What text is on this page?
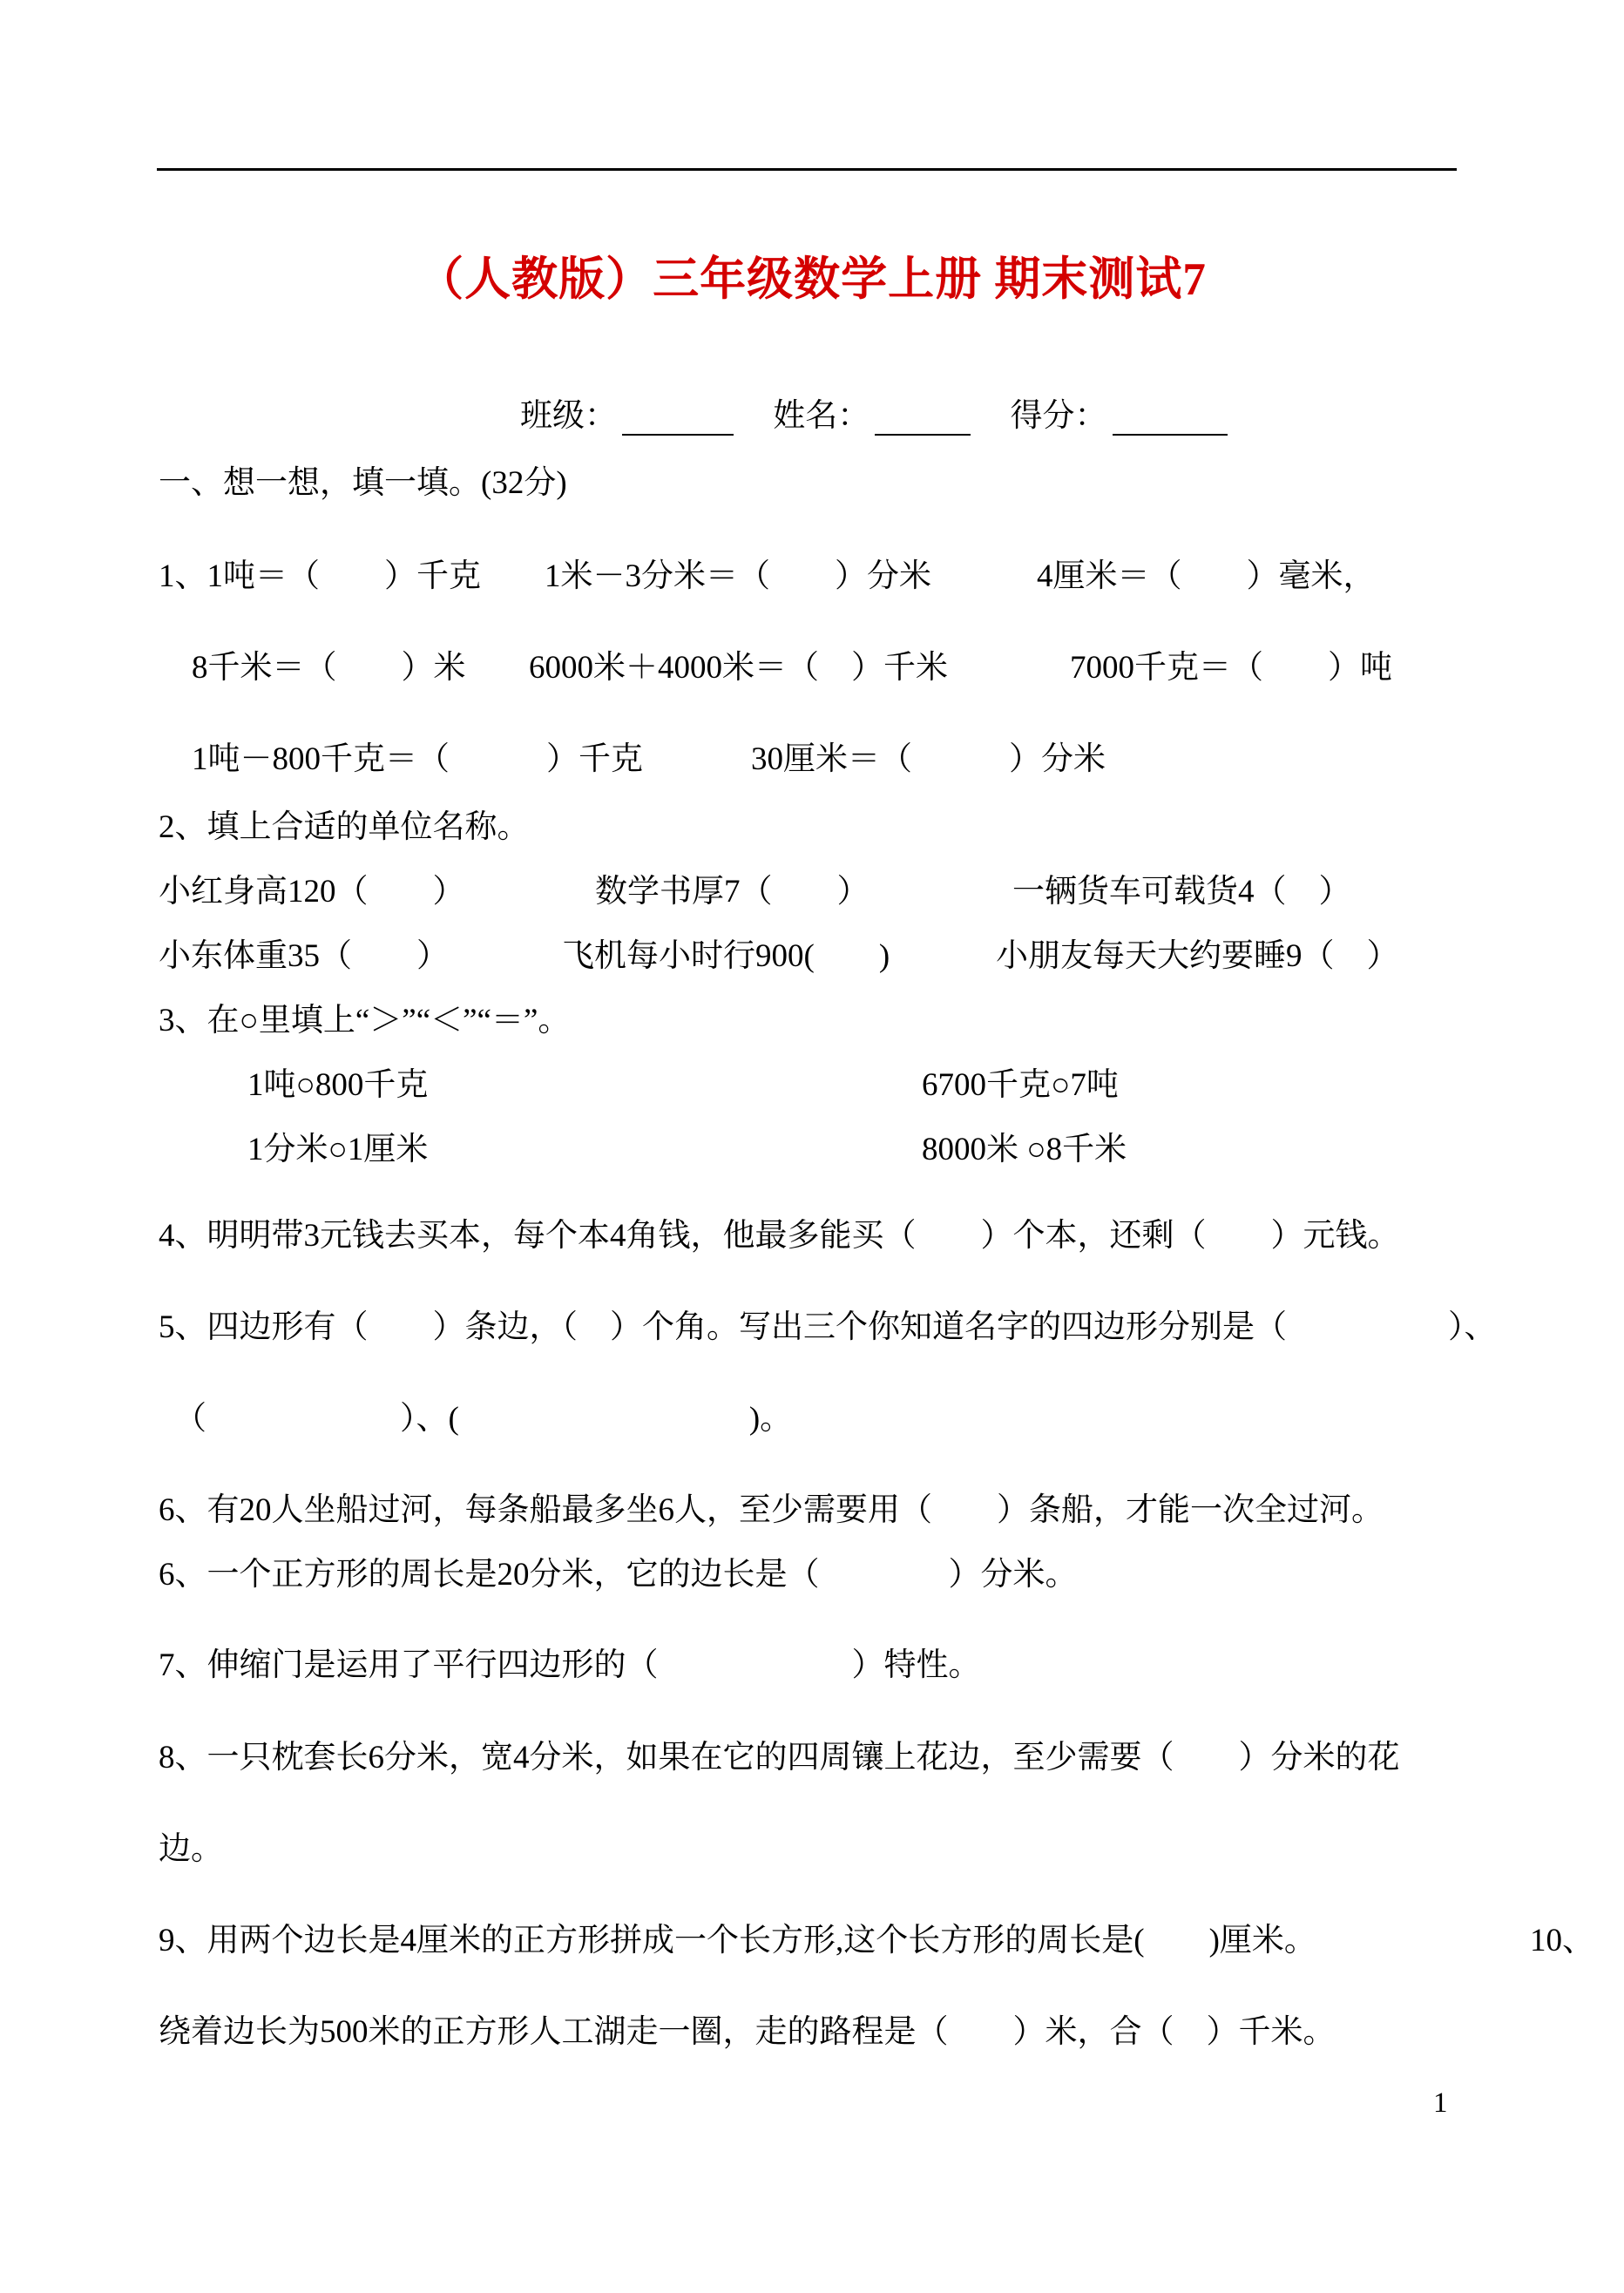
（人教版）三年级数学上册 期末测试7
班级：	姓名：	得分：
一、想一想，填一填。(32分)
1、1吨＝（　　）千克 1米－3分米＝（　　）分米	4厘米＝（　　）毫米，
8千米＝（　　）米 6000米＋4000米＝（　）千米	7000千克＝（　　）吨
1吨－800千克＝（　　　）千克	30厘米＝（　　　）分米
2、填上合适的单位名称。
小红身高120（　　）	数学书厚7（　　）	一辆货车可载货4（　）
小东体重35（　　）	飞机每小时行900(　　)	小朋友每天大约要睡9（　）
3、在○里填上“＞”“＜”“＝”。
1吨○800千克	6700千克○7吨
1分米○1厘米	8000米 ○8千米
4、明明带3元钱去买本，每个本4角钱，他最多能买（　　）个本，还剩（　　）元钱。
5、四边形有（　　）条边，（　）个角。写出三个你知道名字的四边形分别是（　　　　　）、
（　　　　　　）、(　　　　　　　　　)。
6、有20人坐船过河，每条船最多坐6人，至少需要用（　　）条船，才能一次全过河。
6、一个正方形的周长是20分米，它的边长是（　　　　）分米。
7、伸缩门是运用了平行四边形的（　　　　　　）特性。
8、一只枕套长6分米，宽4分米，如果在它的四周镶上花边，至少需要（　　）分米的花
边。
9、用两个边长是4厘米的正方形拼成一个长方形,这个长方形的周长是(　　)厘米。	10、
绕着边长为500米的正方形人工湖走一圈，走的路程是（　　）米，合（　）千米。
1
